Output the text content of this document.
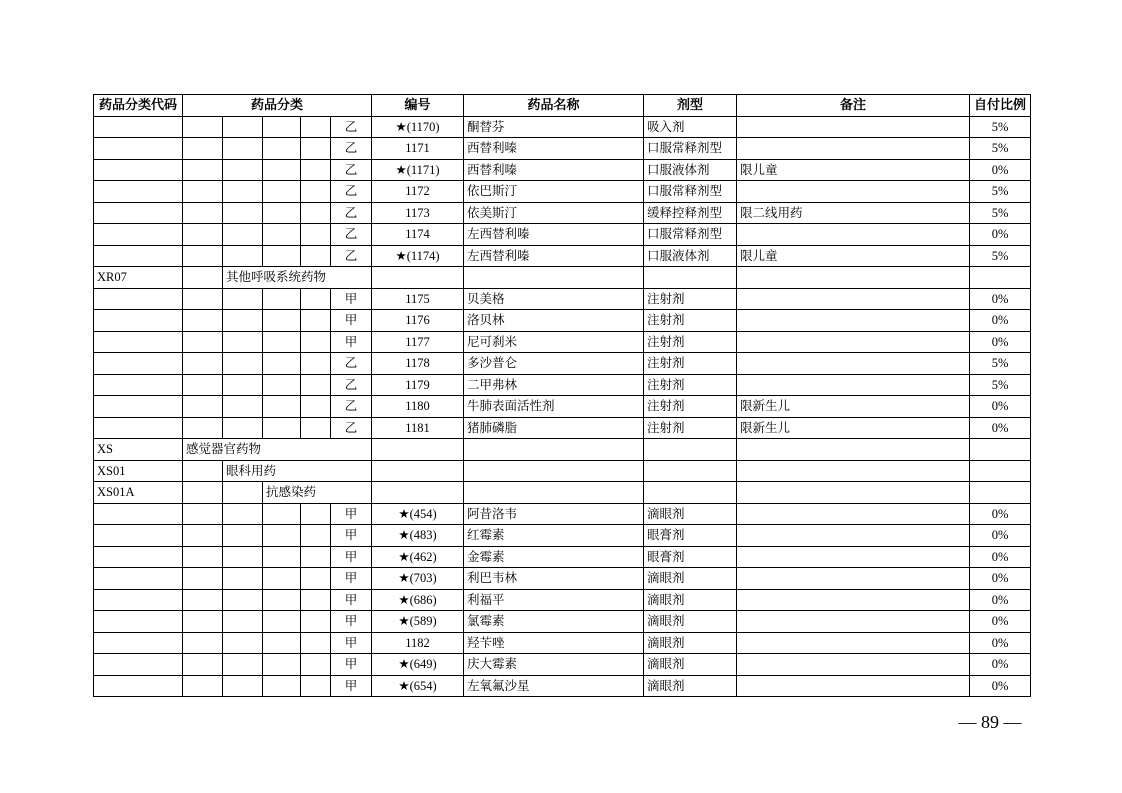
药品分类代码	药品分类					编号	药品名称	剂型	备注	自付比例
					乙	★(1170)	酮替芬	吸入剂		5%
					乙	1171	西替利嗪	口服常释剂型		5%
					乙	★(1171)	西替利嗪	口服液体剂	限儿童	0%
					乙	1172	依巴斯汀	口服常释剂型		5%
					乙	1173	依美斯汀	缓释控释剂型	限二线用药	5%
					乙	1174	左西替利嗪	口服常释剂型		0%
					乙	★(1174)	左西替利嗪	口服液体剂	限儿童	5%
XR07		其他呼吸系统药物								
					甲	1175	贝美格	注射剂		0%
					甲	1176	洛贝林	注射剂		0%
					甲	1177	尼可刹米	注射剂		0%
					乙	1178	多沙普仑	注射剂		5%
					乙	1179	二甲弗林	注射剂		5%
					乙	1180	牛肺表面活性剂	注射剂	限新生儿	0%
					乙	1181	猪肺磷脂	注射剂	限新生儿	0%
XS	感觉器官药物									
XS01		眼科用药								
XS01A			抗感染药							
					甲	★(454)	阿昔洛韦	滴眼剂		0%
					甲	★(483)	红霉素	眼膏剂		0%
					甲	★(462)	金霉素	眼膏剂		0%
					甲	★(703)	利巴韦林	滴眼剂		0%
					甲	★(686)	利福平	滴眼剂		0%
					甲	★(589)	氯霉素	滴眼剂		0%
					甲	1182	羟苄唑	滴眼剂		0%
					甲	★(649)	庆大霉素	滴眼剂		0%
					甲	★(654)	左氧氟沙星	滴眼剂		0%
— 89 —
